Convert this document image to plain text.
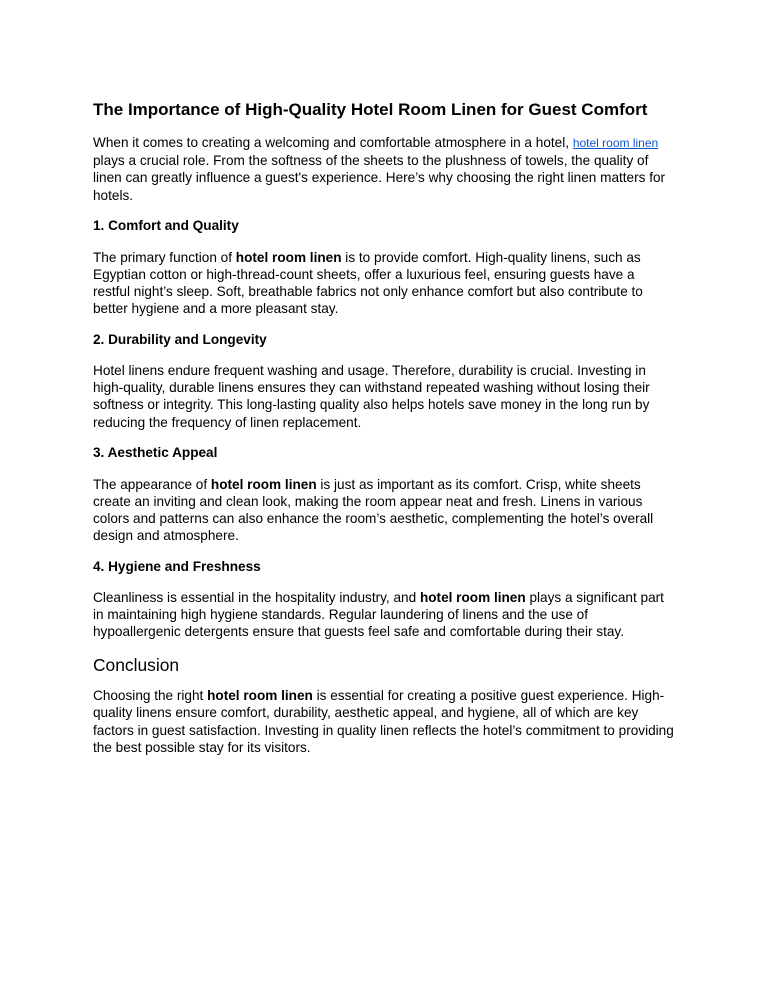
The Importance of High-Quality Hotel Room Linen for Guest Comfort

When it comes to creating a welcoming and comfortable atmosphere in a hotel, hotel room linen plays a crucial role. From the softness of the sheets to the plushness of towels, the quality of linen can greatly influence a guest's experience. Here’s why choosing the right linen matters for hotels.

1. Comfort and Quality

The primary function of hotel room linen is to provide comfort. High-quality linens, such as Egyptian cotton or high-thread-count sheets, offer a luxurious feel, ensuring guests have a restful night’s sleep. Soft, breathable fabrics not only enhance comfort but also contribute to better hygiene and a more pleasant stay.

2. Durability and Longevity

Hotel linens endure frequent washing and usage. Therefore, durability is crucial. Investing in high-quality, durable linens ensures they can withstand repeated washing without losing their softness or integrity. This long-lasting quality also helps hotels save money in the long run by reducing the frequency of linen replacement.

3. Aesthetic Appeal

The appearance of hotel room linen is just as important as its comfort. Crisp, white sheets create an inviting and clean look, making the room appear neat and fresh. Linens in various colors and patterns can also enhance the room’s aesthetic, complementing the hotel’s overall design and atmosphere.

4. Hygiene and Freshness

Cleanliness is essential in the hospitality industry, and hotel room linen plays a significant part in maintaining high hygiene standards. Regular laundering of linens and the use of hypoallergenic detergents ensure that guests feel safe and comfortable during their stay.

Conclusion

Choosing the right hotel room linen is essential for creating a positive guest experience. High-quality linens ensure comfort, durability, aesthetic appeal, and hygiene, all of which are key factors in guest satisfaction. Investing in quality linen reflects the hotel’s commitment to providing the best possible stay for its visitors.
